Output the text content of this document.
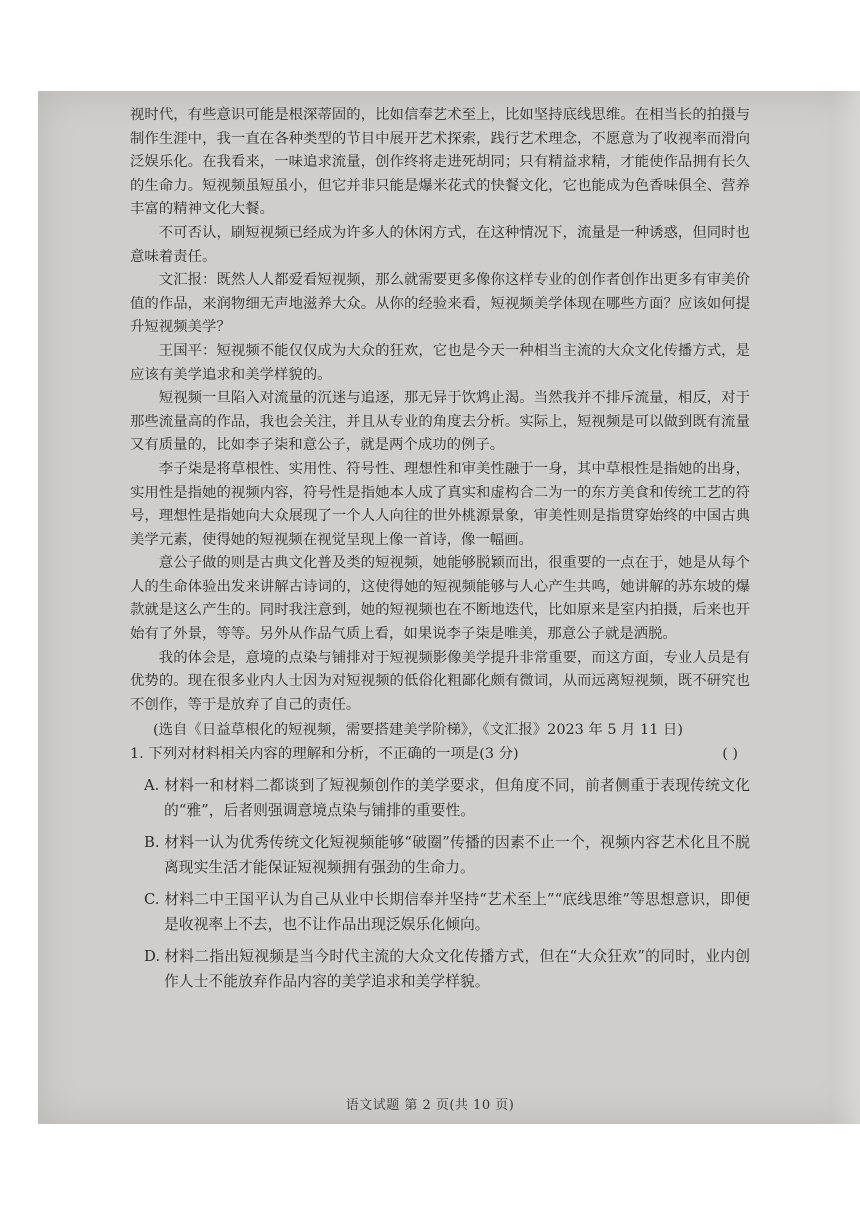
视时代，有些意识可能是根深蒂固的，比如信奉艺术至上，比如坚持底线思维。在相当长的拍摄与制作生涯中，我一直在各种类型的节目中展开艺术探索，践行艺术理念，不愿意为了收视率而滑向泛娱乐化。在我看来，一味追求流量，创作终将走进死胡同；只有精益求精，才能使作品拥有长久的生命力。短视频虽短虽小，但它并非只能是爆米花式的快餐文化，它也能成为色香味俱全、营养丰富的精神文化大餐。

不可否认，刷短视频已经成为许多人的休闲方式，在这种情况下，流量是一种诱惑，但同时也意味着责任。

文汇报：既然人人都爱看短视频，那么就需要更多像你这样专业的创作者创作出更多有审美价值的作品，来润物细无声地滋养大众。从你的经验来看，短视频美学体现在哪些方面？应该如何提升短视频美学？

王国平：短视频不能仅仅成为大众的狂欢，它也是今天一种相当主流的大众文化传播方式，是应该有美学追求和美学样貌的。

短视频一旦陷入对流量的沉迷与追逐，那无异于饮鸩止渴。当然我并不排斥流量，相反，对于那些流量高的作品，我也会关注，并且从专业的角度去分析。实际上，短视频是可以做到既有流量又有质量的，比如李子柒和意公子，就是两个成功的例子。

李子柒是将草根性、实用性、符号性、理想性和审美性融于一身，其中草根性是指她的出身，实用性是指她的视频内容，符号性是指她本人成了真实和虚构合二为一的东方美食和传统工艺的符号，理想性是指她向大众展现了一个人人向往的世外桃源景象，审美性则是指贯穿始终的中国古典美学元素，使得她的短视频在视觉呈现上像一首诗，像一幅画。

意公子做的则是古典文化普及类的短视频，她能够脱颖而出，很重要的一点在于，她是从每个人的生命体验出发来讲解古诗词的，这使得她的短视频能够与人心产生共鸣，她讲解的苏东坡的爆款就是这么产生的。同时我注意到，她的短视频也在不断地迭代，比如原来是室内拍摄，后来也开始有了外景，等等。另外从作品气质上看，如果说李子柒是唯美，那意公子就是洒脱。

我的体会是，意境的点染与铺排对于短视频影像美学提升非常重要，而这方面，专业人员是有优势的。现在很多业内人士因为对短视频的低俗化粗鄙化颇有微词，从而远离短视频，既不研究也不创作，等于是放弃了自己的责任。

(选自《日益草根化的短视频，需要搭建美学阶梯》，《文汇报》2023 年 5 月 11 日)

1. 下列对材料相关内容的理解和分析，不正确的一项是(3 分)	( )
A. 材料一和材料二都谈到了短视频创作的美学要求，但角度不同，前者侧重于表现传统文化的“雅”，后者则强调意境点染与铺排的重要性。
B. 材料一认为优秀传统文化短视频能够“破圈”传播的因素不止一个，视频内容艺术化且不脱离现实生活才能保证短视频拥有强劲的生命力。
C. 材料二中王国平认为自己从业中长期信奉并坚持“艺术至上”“底线思维”等思想意识，即便是收视率上不去，也不让作品出现泛娱乐化倾向。
D. 材料二指出短视频是当今时代主流的大众文化传播方式，但在“大众狂欢”的同时，业内创作人士不能放弃作品内容的美学追求和美学样貌。
语文试题 第 2 页(共 10 页)
